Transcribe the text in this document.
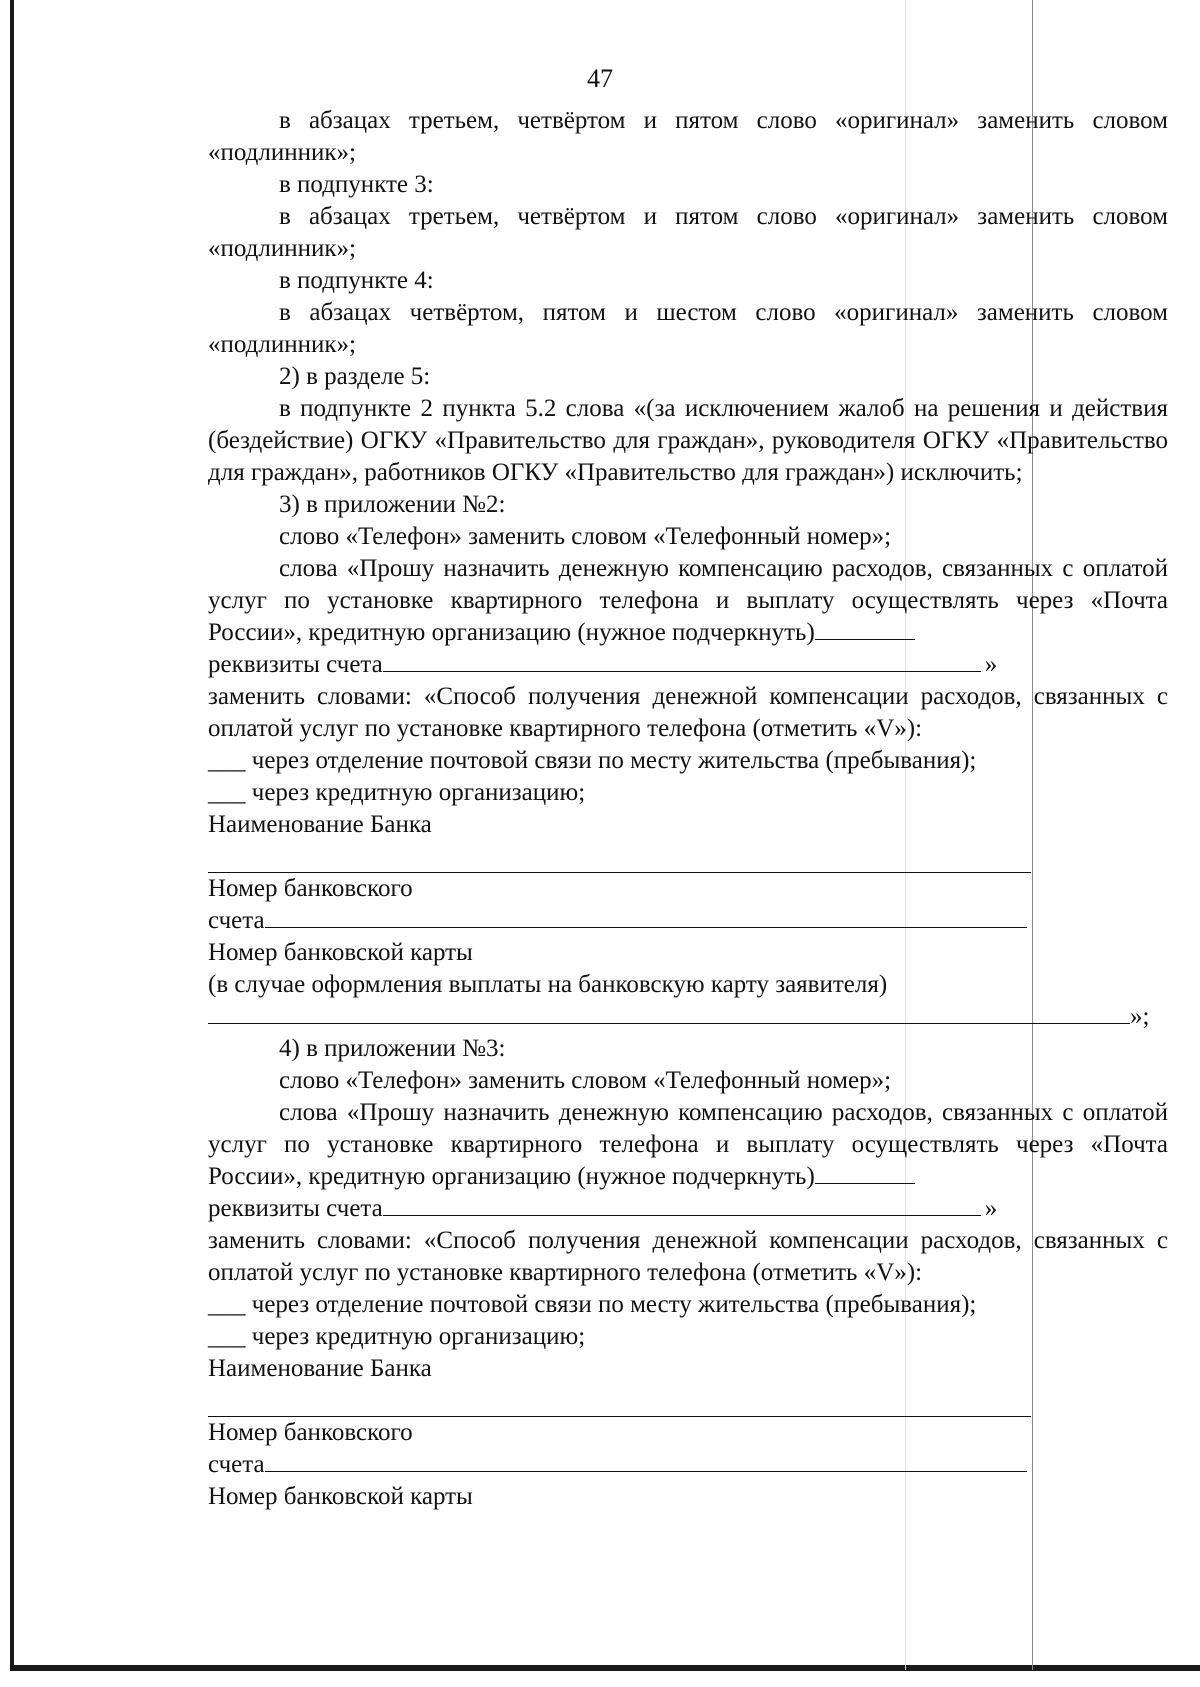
47

в абзацах третьем, четвёртом и пятом слово «оригинал» заменить словом «подлинник»;

в подпункте 3:

в абзацах третьем, четвёртом и пятом слово «оригинал» заменить словом «подлинник»;

в подпункте 4:

в абзацах четвёртом, пятом и шестом слово «оригинал» заменить словом «подлинник»;

2) в разделе 5:

в подпункте 2 пункта 5.2 слова «(за исключением жалоб на решения и действия (бездействие) ОГКУ «Правительство для граждан», руководителя ОГКУ «Правительство для граждан», работников ОГКУ «Правительство для граждан») исключить;

3) в приложении №2:

слово «Телефон» заменить словом «Телефонный номер»;

слова «Прошу назначить денежную компенсацию расходов, связанных с оплатой услуг по установке квартирного телефона и выплату осуществлять через «Почта России», кредитную организацию (нужное подчеркнуть)

реквизиты счета	»

заменить словами: «Способ получения денежной компенсации расходов, связанных с оплатой услуг по установке квартирного телефона (отметить «V»):

___ через отделение почтовой связи по месту жительства (пребывания);

___ через кредитную организацию;

Наименование Банка

Номер банковского

счета

Номер банковской карты

(в случае оформления выплаты на банковскую карту заявителя)

»;

4) в приложении №3:

слово «Телефон» заменить словом «Телефонный номер»;

слова «Прошу назначить денежную компенсацию расходов, связанных с оплатой услуг по установке квартирного телефона и выплату осуществлять через «Почта России», кредитную организацию (нужное подчеркнуть)

реквизиты счета	»

заменить словами: «Способ получения денежной компенсации расходов, связанных с оплатой услуг по установке квартирного телефона (отметить «V»):

___ через отделение почтовой связи по месту жительства (пребывания);

___ через кредитную организацию;

Наименование Банка

Номер банковского

счета

Номер банковской карты
